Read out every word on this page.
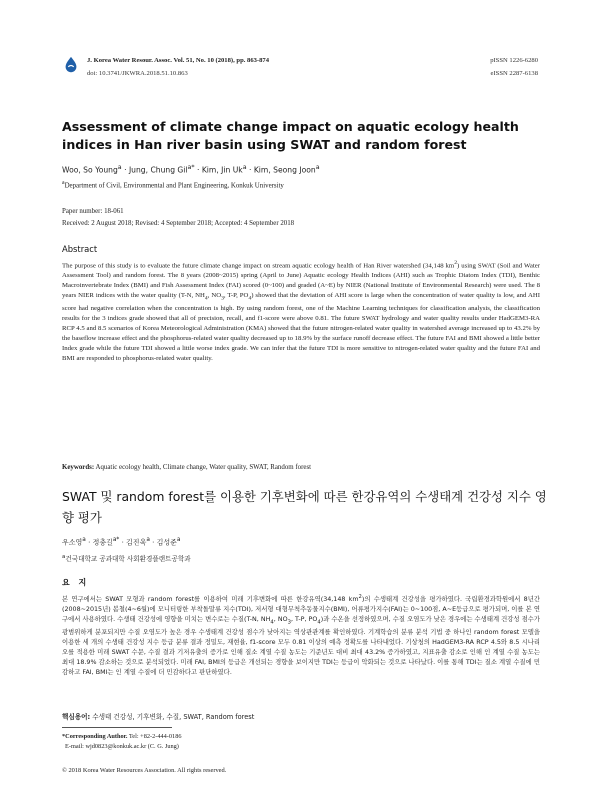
J. Korea Water Resour. Assoc. Vol. 51, No. 10 (2018), pp. 863-874
doi: 10.3741/JKWRA.2018.51.10.863
pISSN 1226-6280
eISSN 2287-6138
Assessment of climate change impact on aquatic ecology health indices in Han river basin using SWAT and random forest
Woo, So Young$^a$ · Jung, Chung Gil$^{a*}$ · Kim, Jin $Uk^a$ · Kim, Seong Joon$^a$
$^a$Department of Civil, Environmental and Plant Engineering, Konkuk University
Paper number: 18-061
Received: 2 August 2018; Revised: 4 September 2018; Accepted: 4 September 2018
Abstract
The purpose of this study is to evaluate the future climate change impact on stream aquatic ecology health of Han River watershed (34,148 $km^2$) using SWAT (Soil and Water Assessment Tool) and random forest. The 8 years (2008~2015) spring (April to June) Aquatic ecology Health Indices (AHI) such as Trophic Diatom Index (TDI), Benthic Macroinvertebrate Index (BMI) and Fish Assessment Index (FAI) scored (0~100) and graded (A~E) by NIER (National Institute of Environmental Research) were used. The 8 years NIER indices with the water quality (T-N, $NH_4$, $NO_3$, T-P, $PO_4$) showed that the deviation of AHI score is large when the concentration of water quality is low, and AHI score had negative correlation when the concentration is high. By using random forest, one of the Machine Learning techniques for classification analysis, the classification results for the 3 indices grade showed that all of precision, recall, and f1-score were above 0.81. The future SWAT hydrology and water quality results under HadGEM3-RA RCP 4.5 and 8.5 scenarios of Korea Meteorological Administration (KMA) showed that the future nitrogen-related water quality in watershed average increased up to 43.2% by the baseflow increase effect and the phosphorus-related water quality decreased up to 18.9% by the surface runoff decrease effect. The future FAI and BMI showed a little better Index grade while the future TDI showed a little worse index grade. We can infer that the future TDI is more sensitive to nitrogen-related water quality and the future FAI and BMI are responded to phosphorus-related water quality.
Keywords: Aquatic ecology health, Climate change, Water quality, SWAT, Random forest
SWAT 및 random forest를 이용한 기후변화에 따른 한강유역의 수생태계 건강성 지수 영향 평가
우소영$^a$ · 정충길$^{a*}$ · 김진욱$^a$ · 김성준$^a$
$^a$건국대학교 공과대학 사회환경플랜트공학과
요 지
본 연구에서는 SWAT 모형과 random forest를 이용하여 미래 기후변화에 따른 한강유역(34,148 $km^2$)의 수생태계 건강성을 평가하였다. 국립환경과학원에서 8년간(2008~2015년) 봄철(4~6월)에 모니터링한 부착돌말류 지수(TDI), 저서형 대형무척추동물지수(BMI), 어류평가지수(FAI)는 0~100점, A~E등급으로 평가되며, 이를 본 연구에서 사용하였다. 수생태 건강성에 영향을 미치는 변수로는 수질(T-N, $NH_4$, $NO_3$, T-P, $PO_4$)과 수온을 선정하였으며, 수질 오염도가 낮은 경우에는 수생태계 건강성 점수가 광범위하게 분포되지만 수질 오염도가 높은 경우 수생태계 건강성 점수가 낮아지는 역상관관계를 확인하였다. 기계학습의 분류 분석 기법 중 하나인 random forest 모델을 이용한 세 개의 수생태 건강성 지수 등급 분류 결과 정밀도, 재현율, f1-score 모두 0.81 이상의 예측 정확도를 나타내었다. 기상청의 HadGEM3-RA RCP 4.5와 8.5 시나리오를 적용한 미래 SWAT 수문, 수질 결과 기저유출의 증가로 인해 질소 계열 수질 농도는 기준년도 대비 최대 43.2% 증가하였고, 지표유출 감소로 인해 인 계열 수질 농도는 최대 18.9% 감소하는 것으로 분석되었다. 미래 FAI, BMI의 등급은 개선되는 경향을 보이지만 TDI는 등급이 악화되는 것으로 나타났다. 이를 통해 TDI는 질소 계열 수질에 민감하고 FAI, BMI는 인 계열 수질에 더 민감하다고 판단하였다.
핵심용어: 수생태 건강성, 기후변화, 수질, SWAT, Random forest
*Corresponding Author. Tel: +82-2-444-0186
E-mail: wjd0823@konkuk.ac.kr (C. G. Jung)
© 2018 Korea Water Resources Association. All rights reserved.
